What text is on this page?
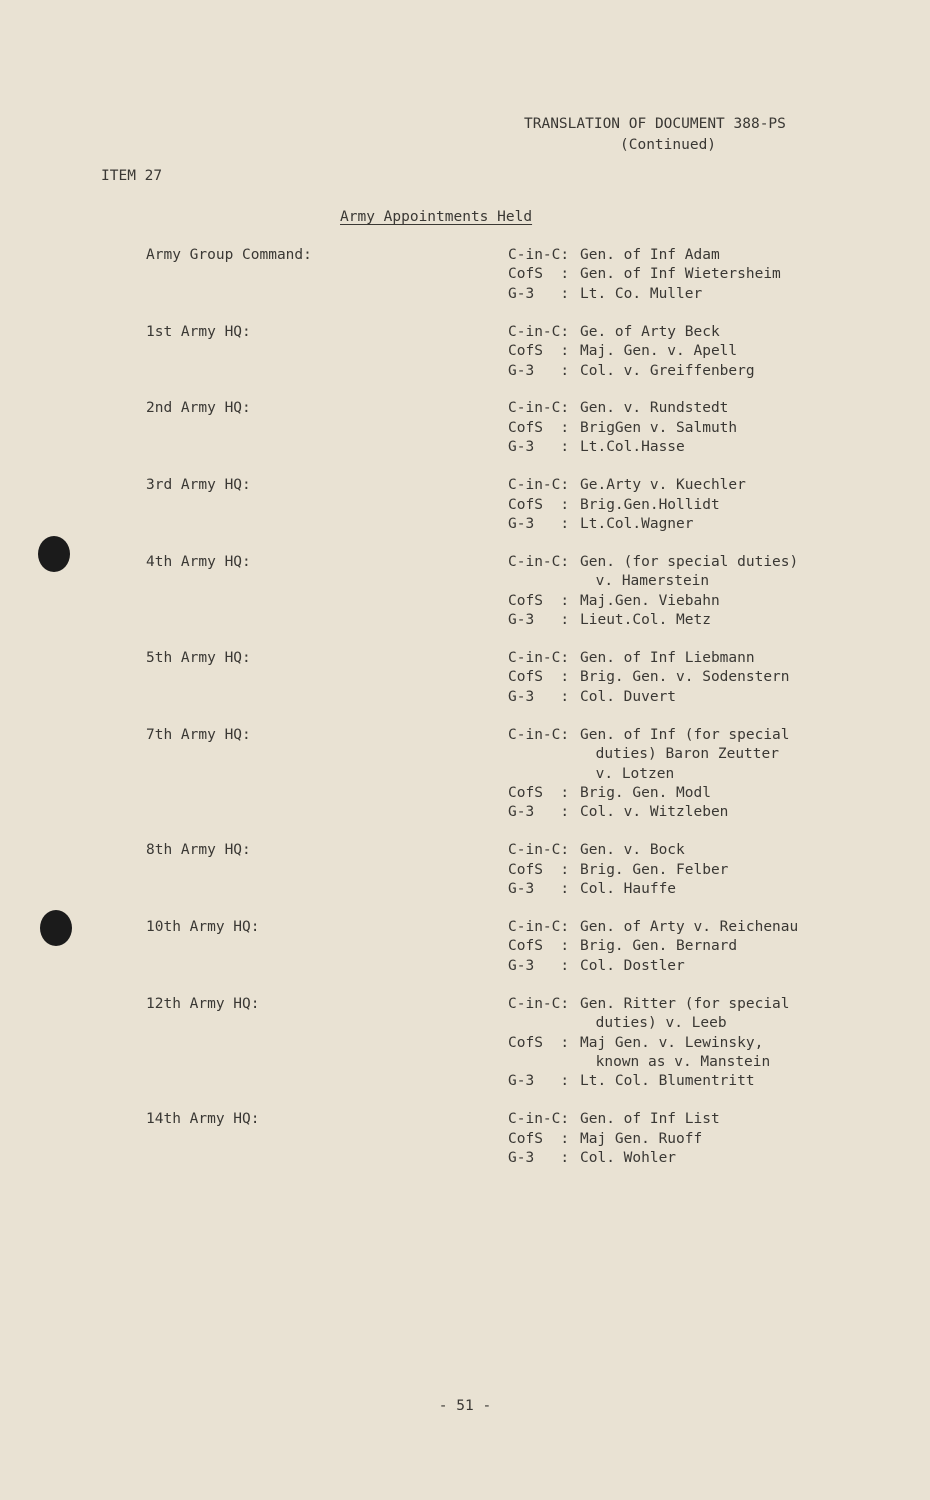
TRANSLATION OF DOCUMENT 388-PS
(Continued)
ITEM 27
Army Appointments Held
Army Group Command:	C-in-C: Gen. of Inf Adam
CofS  : Gen. of Inf Wietersheim
G-3   : Lt. Co. Muller
1st Army HQ:	C-in-C: Ge. of Arty Beck
CofS  : Maj. Gen. v. Apell
G-3   : Col. v. Greiffenberg
2nd Army HQ:	C-in-C: Gen. v. Rundstedt
CofS  : BrigGen v. Salmuth
G-3   : Lt.Col.Hasse
3rd Army HQ:	C-in-C: Ge.Arty v. Kuechler
CofS  : Brig.Gen.Hollidt
G-3   : Lt.Col.Wagner
4th Army HQ:	C-in-C: Gen. (for special duties)
v. Hamerstein
CofS  : Maj.Gen. Viebahn
G-3   : Lieut.Col. Metz
5th Army HQ:	C-in-C: Gen. of Inf Liebmann
CofS  : Brig. Gen. v. Sodenstern
G-3   : Col. Duvert
7th Army HQ:	C-in-C: Gen. of Inf (for special
duties) Baron Zeutter
v. Lotzen
CofS  : Brig. Gen. Modl
G-3   : Col. v. Witzleben
8th Army HQ:	C-in-C: Gen. v. Bock
CofS  : Brig. Gen. Felber
G-3   : Col. Hauffe
10th Army HQ:	C-in-C: Gen. of Arty v. Reichenau
CofS  : Brig. Gen. Bernard
G-3   : Col. Dostler
12th Army HQ:	C-in-C: Gen. Ritter (for special
duties) v. Leeb
CofS  : Maj Gen. v. Lewinsky,
known as v. Manstein
G-3   : Lt. Col. Blumentritt
14th Army HQ:	C-in-C: Gen. of Inf List
CofS  : Maj Gen. Ruoff
G-3   : Col. Wohler
- 51 -
